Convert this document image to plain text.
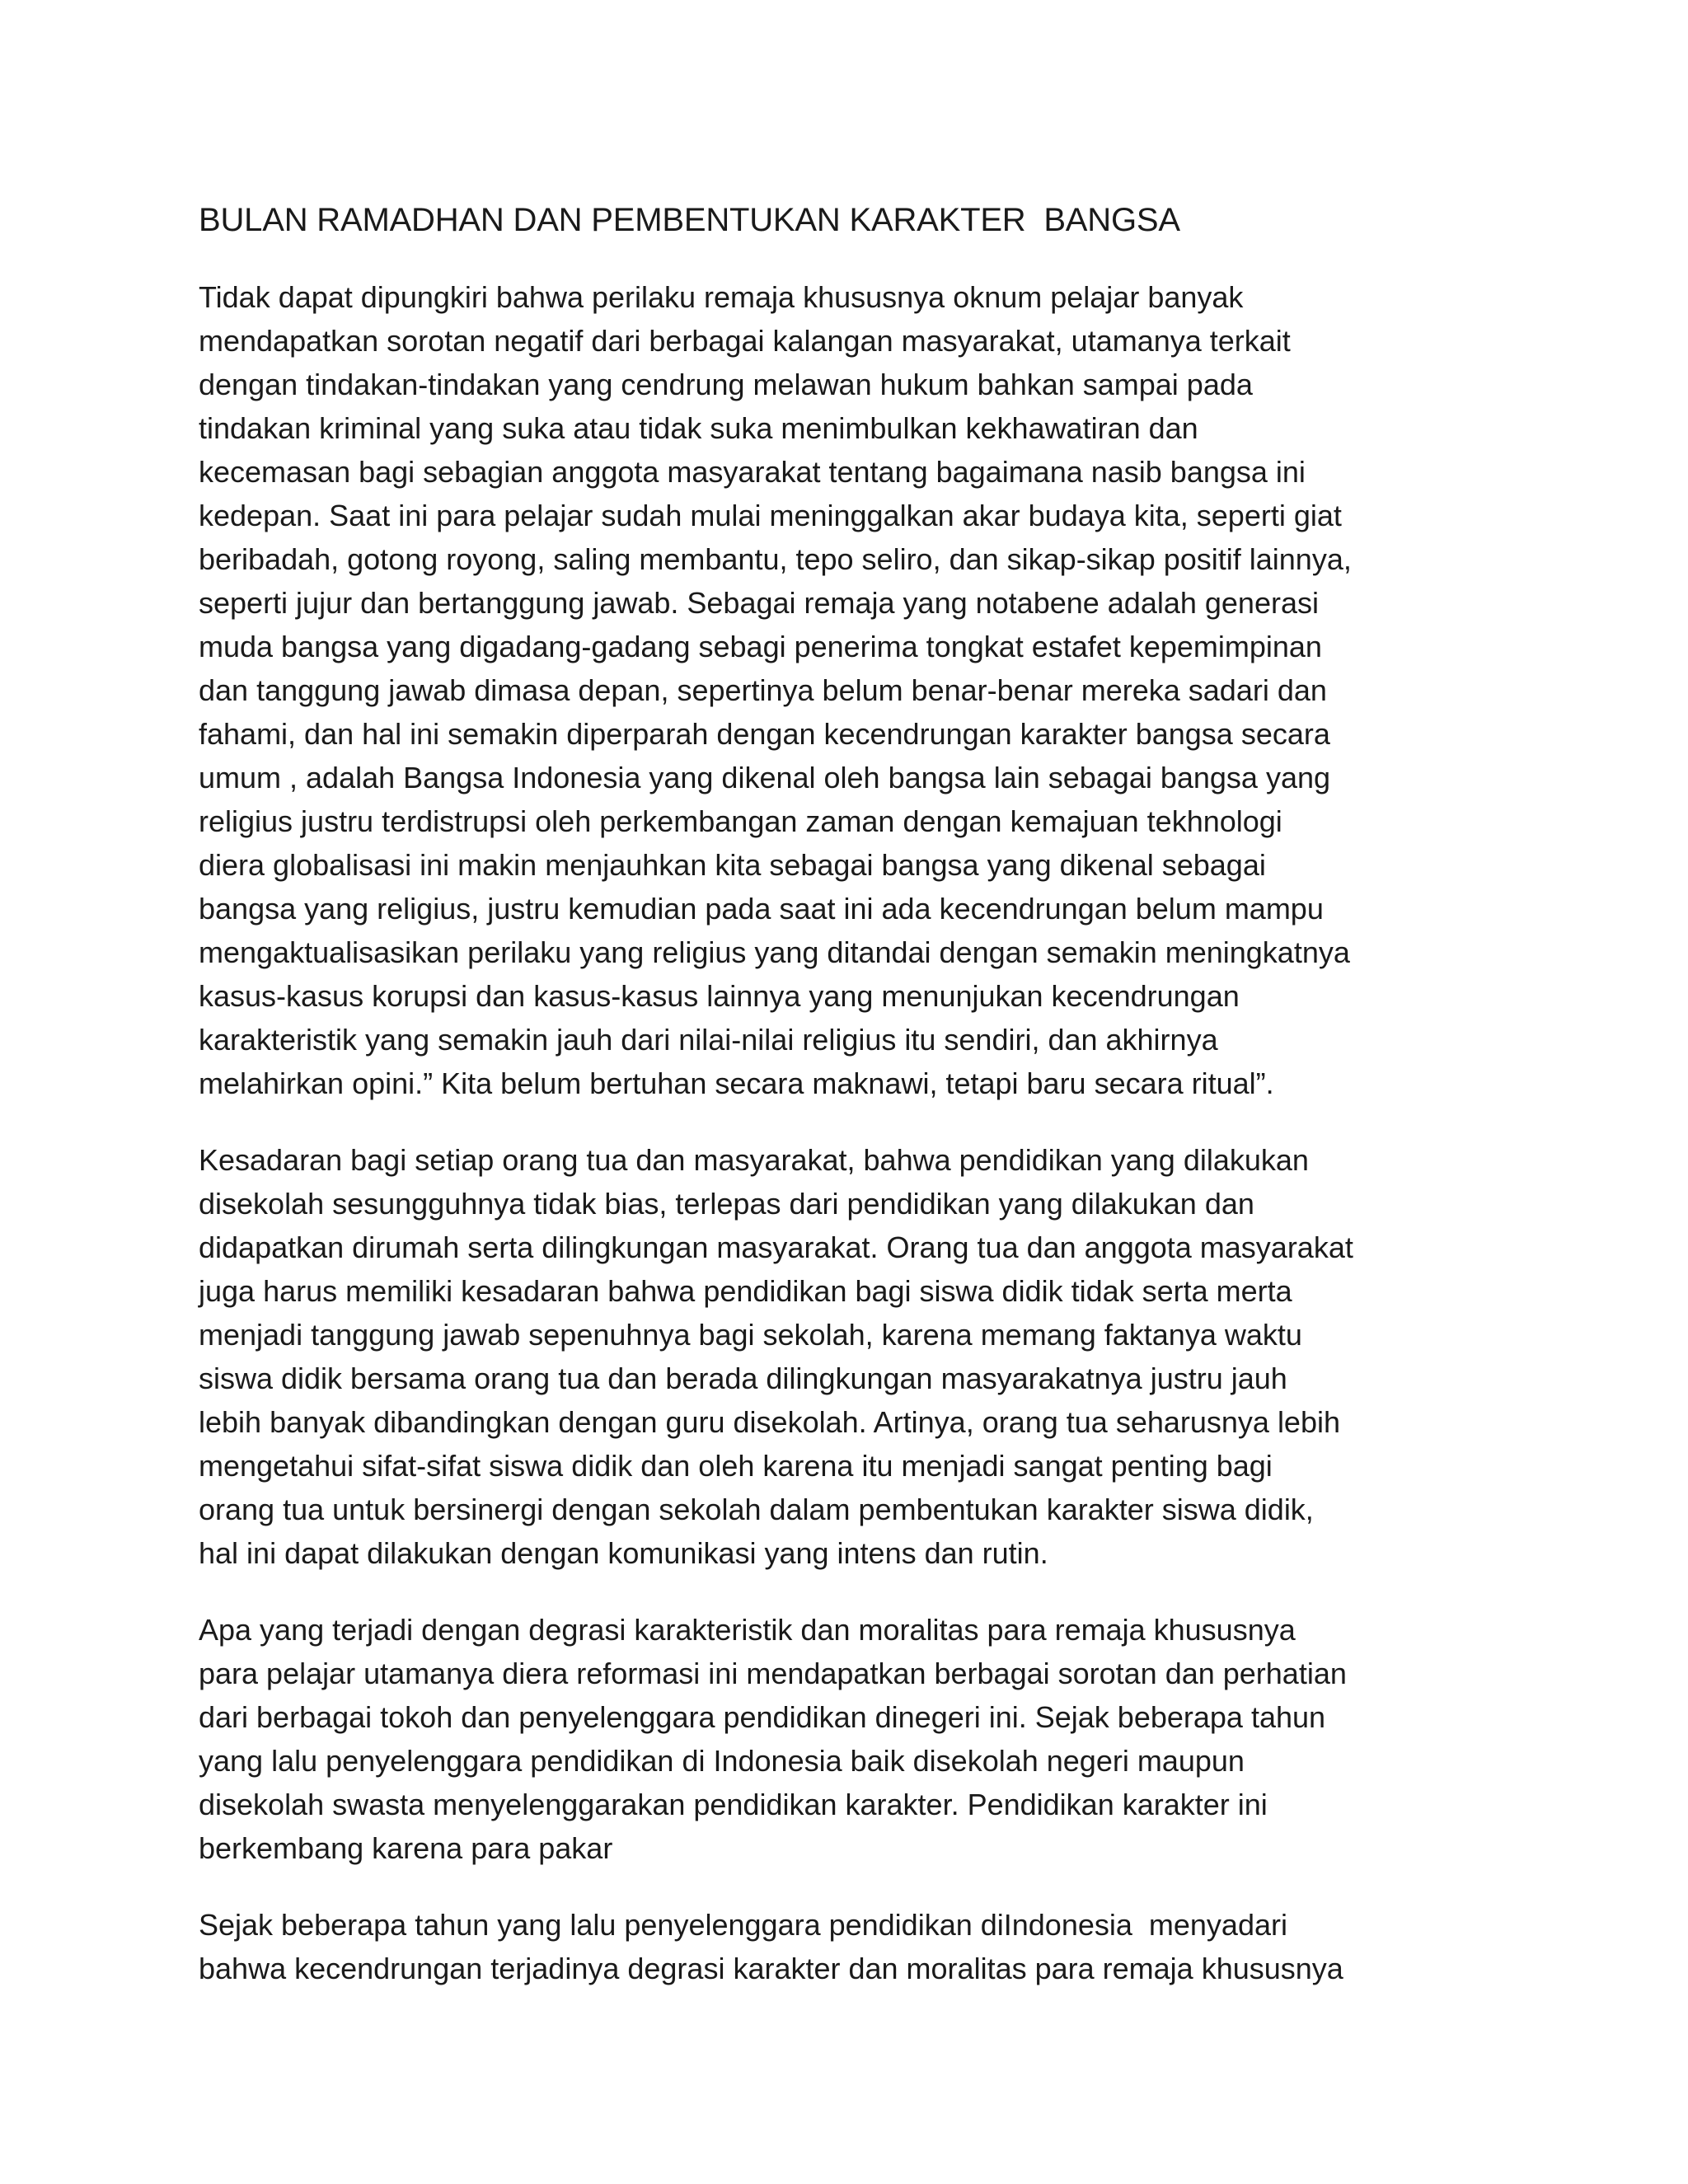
BULAN RAMADHAN DAN PEMBENTUKAN KARAKTER  BANGSA
Tidak dapat dipungkiri bahwa perilaku remaja khususnya oknum pelajar banyak
mendapatkan sorotan negatif dari berbagai kalangan masyarakat, utamanya terkait
dengan tindakan-tindakan yang cendrung melawan hukum bahkan sampai pada
tindakan kriminal yang suka atau tidak suka menimbulkan kekhawatiran dan
kecemasan bagi sebagian anggota masyarakat tentang bagaimana nasib bangsa ini
kedepan. Saat ini para pelajar sudah mulai meninggalkan akar budaya kita, seperti giat
beribadah, gotong royong, saling membantu, tepo seliro, dan sikap-sikap positif lainnya,
seperti jujur dan bertanggung jawab. Sebagai remaja yang notabene adalah generasi
muda bangsa yang digadang-gadang sebagi penerima tongkat estafet kepemimpinan
dan tanggung jawab dimasa depan, sepertinya belum benar-benar mereka sadari dan
fahami, dan hal ini semakin diperparah dengan kecendrungan karakter bangsa secara
umum , adalah Bangsa Indonesia yang dikenal oleh bangsa lain sebagai bangsa yang
religius justru terdistrupsi oleh perkembangan zaman dengan kemajuan tekhnologi
diera globalisasi ini makin menjauhkan kita sebagai bangsa yang dikenal sebagai
bangsa yang religius, justru kemudian pada saat ini ada kecendrungan belum mampu
mengaktualisasikan perilaku yang religius yang ditandai dengan semakin meningkatnya
kasus-kasus korupsi dan kasus-kasus lainnya yang menunjukan kecendrungan
karakteristik yang semakin jauh dari nilai-nilai religius itu sendiri, dan akhirnya
melahirkan opini.” Kita belum bertuhan secara maknawi, tetapi baru secara ritual”.
Kesadaran bagi setiap orang tua dan masyarakat, bahwa pendidikan yang dilakukan
disekolah sesungguhnya tidak bias, terlepas dari pendidikan yang dilakukan dan
didapatkan dirumah serta dilingkungan masyarakat. Orang tua dan anggota masyarakat
juga harus memiliki kesadaran bahwa pendidikan bagi siswa didik tidak serta merta
menjadi tanggung jawab sepenuhnya bagi sekolah, karena memang faktanya waktu
siswa didik bersama orang tua dan berada dilingkungan masyarakatnya justru jauh
lebih banyak dibandingkan dengan guru disekolah. Artinya, orang tua seharusnya lebih
mengetahui sifat-sifat siswa didik dan oleh karena itu menjadi sangat penting bagi
orang tua untuk bersinergi dengan sekolah dalam pembentukan karakter siswa didik,
hal ini dapat dilakukan dengan komunikasi yang intens dan rutin.
Apa yang terjadi dengan degrasi karakteristik dan moralitas para remaja khususnya
para pelajar utamanya diera reformasi ini mendapatkan berbagai sorotan dan perhatian
dari berbagai tokoh dan penyelenggara pendidikan dinegeri ini. Sejak beberapa tahun
yang lalu penyelenggara pendidikan di Indonesia baik disekolah negeri maupun
disekolah swasta menyelenggarakan pendidikan karakter. Pendidikan karakter ini
berkembang karena para pakar
Sejak beberapa tahun yang lalu penyelenggara pendidikan diIndonesia  menyadari
bahwa kecendrungan terjadinya degrasi karakter dan moralitas para remaja khususnya
